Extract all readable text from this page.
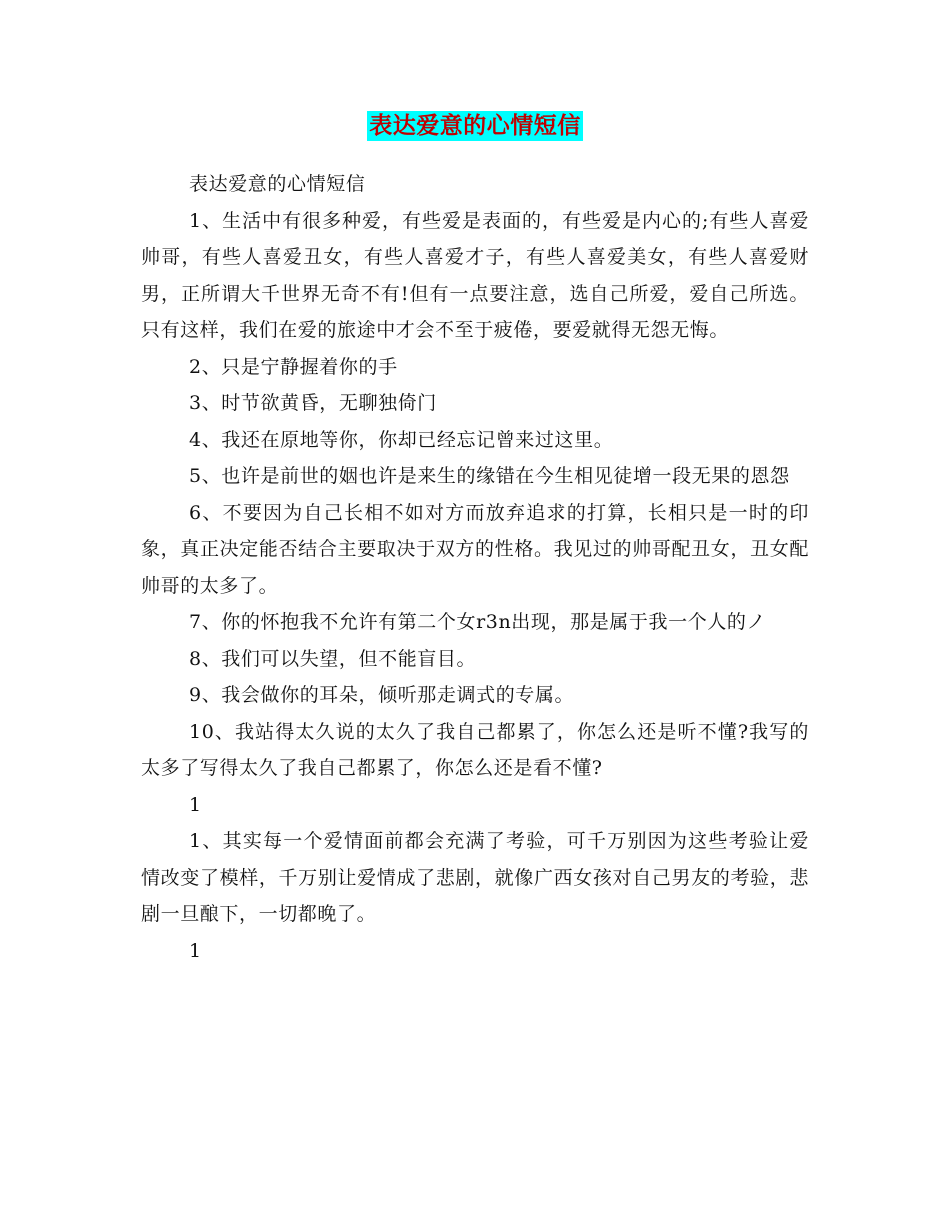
表达爱意的心情短信

表达爱意的心情短信

1、生活中有很多种爱，有些爱是表面的，有些爱是内心的;有些人喜爱帅哥，有些人喜爱丑女，有些人喜爱才子，有些人喜爱美女，有些人喜爱财男，正所谓大千世界无奇不有!但有一点要注意，选自己所爱，爱自己所选。只有这样，我们在爱的旅途中才会不至于疲倦，要爱就得无怨无悔。

2、只是宁静握着你的手

3、时节欲黄昏，无聊独倚门

4、我还在原地等你，你却已经忘记曾来过这里。

5、也许是前世的姻也许是来生的缘错在今生相见徒增一段无果的恩怨

6、不要因为自己长相不如对方而放弃追求的打算，长相只是一时的印象，真正决定能否结合主要取决于双方的性格。我见过的帅哥配丑女，丑女配帅哥的太多了。

7、你的怀抱我不允许有第二个女r3n出现，那是属于我一个人的ノ

8、我们可以失望，但不能盲目。

9、我会做你的耳朵，倾听那走调式的专属。

10、我站得太久说的太久了我自己都累了，你怎么还是听不懂?我写的太多了写得太久了我自己都累了，你怎么还是看不懂?

1

1、其实每一个爱情面前都会充满了考验，可千万别因为这些考验让爱情改变了模样，千万别让爱情成了悲剧，就像广西女孩对自己男友的考验，悲剧一旦酿下，一切都晚了。

1
